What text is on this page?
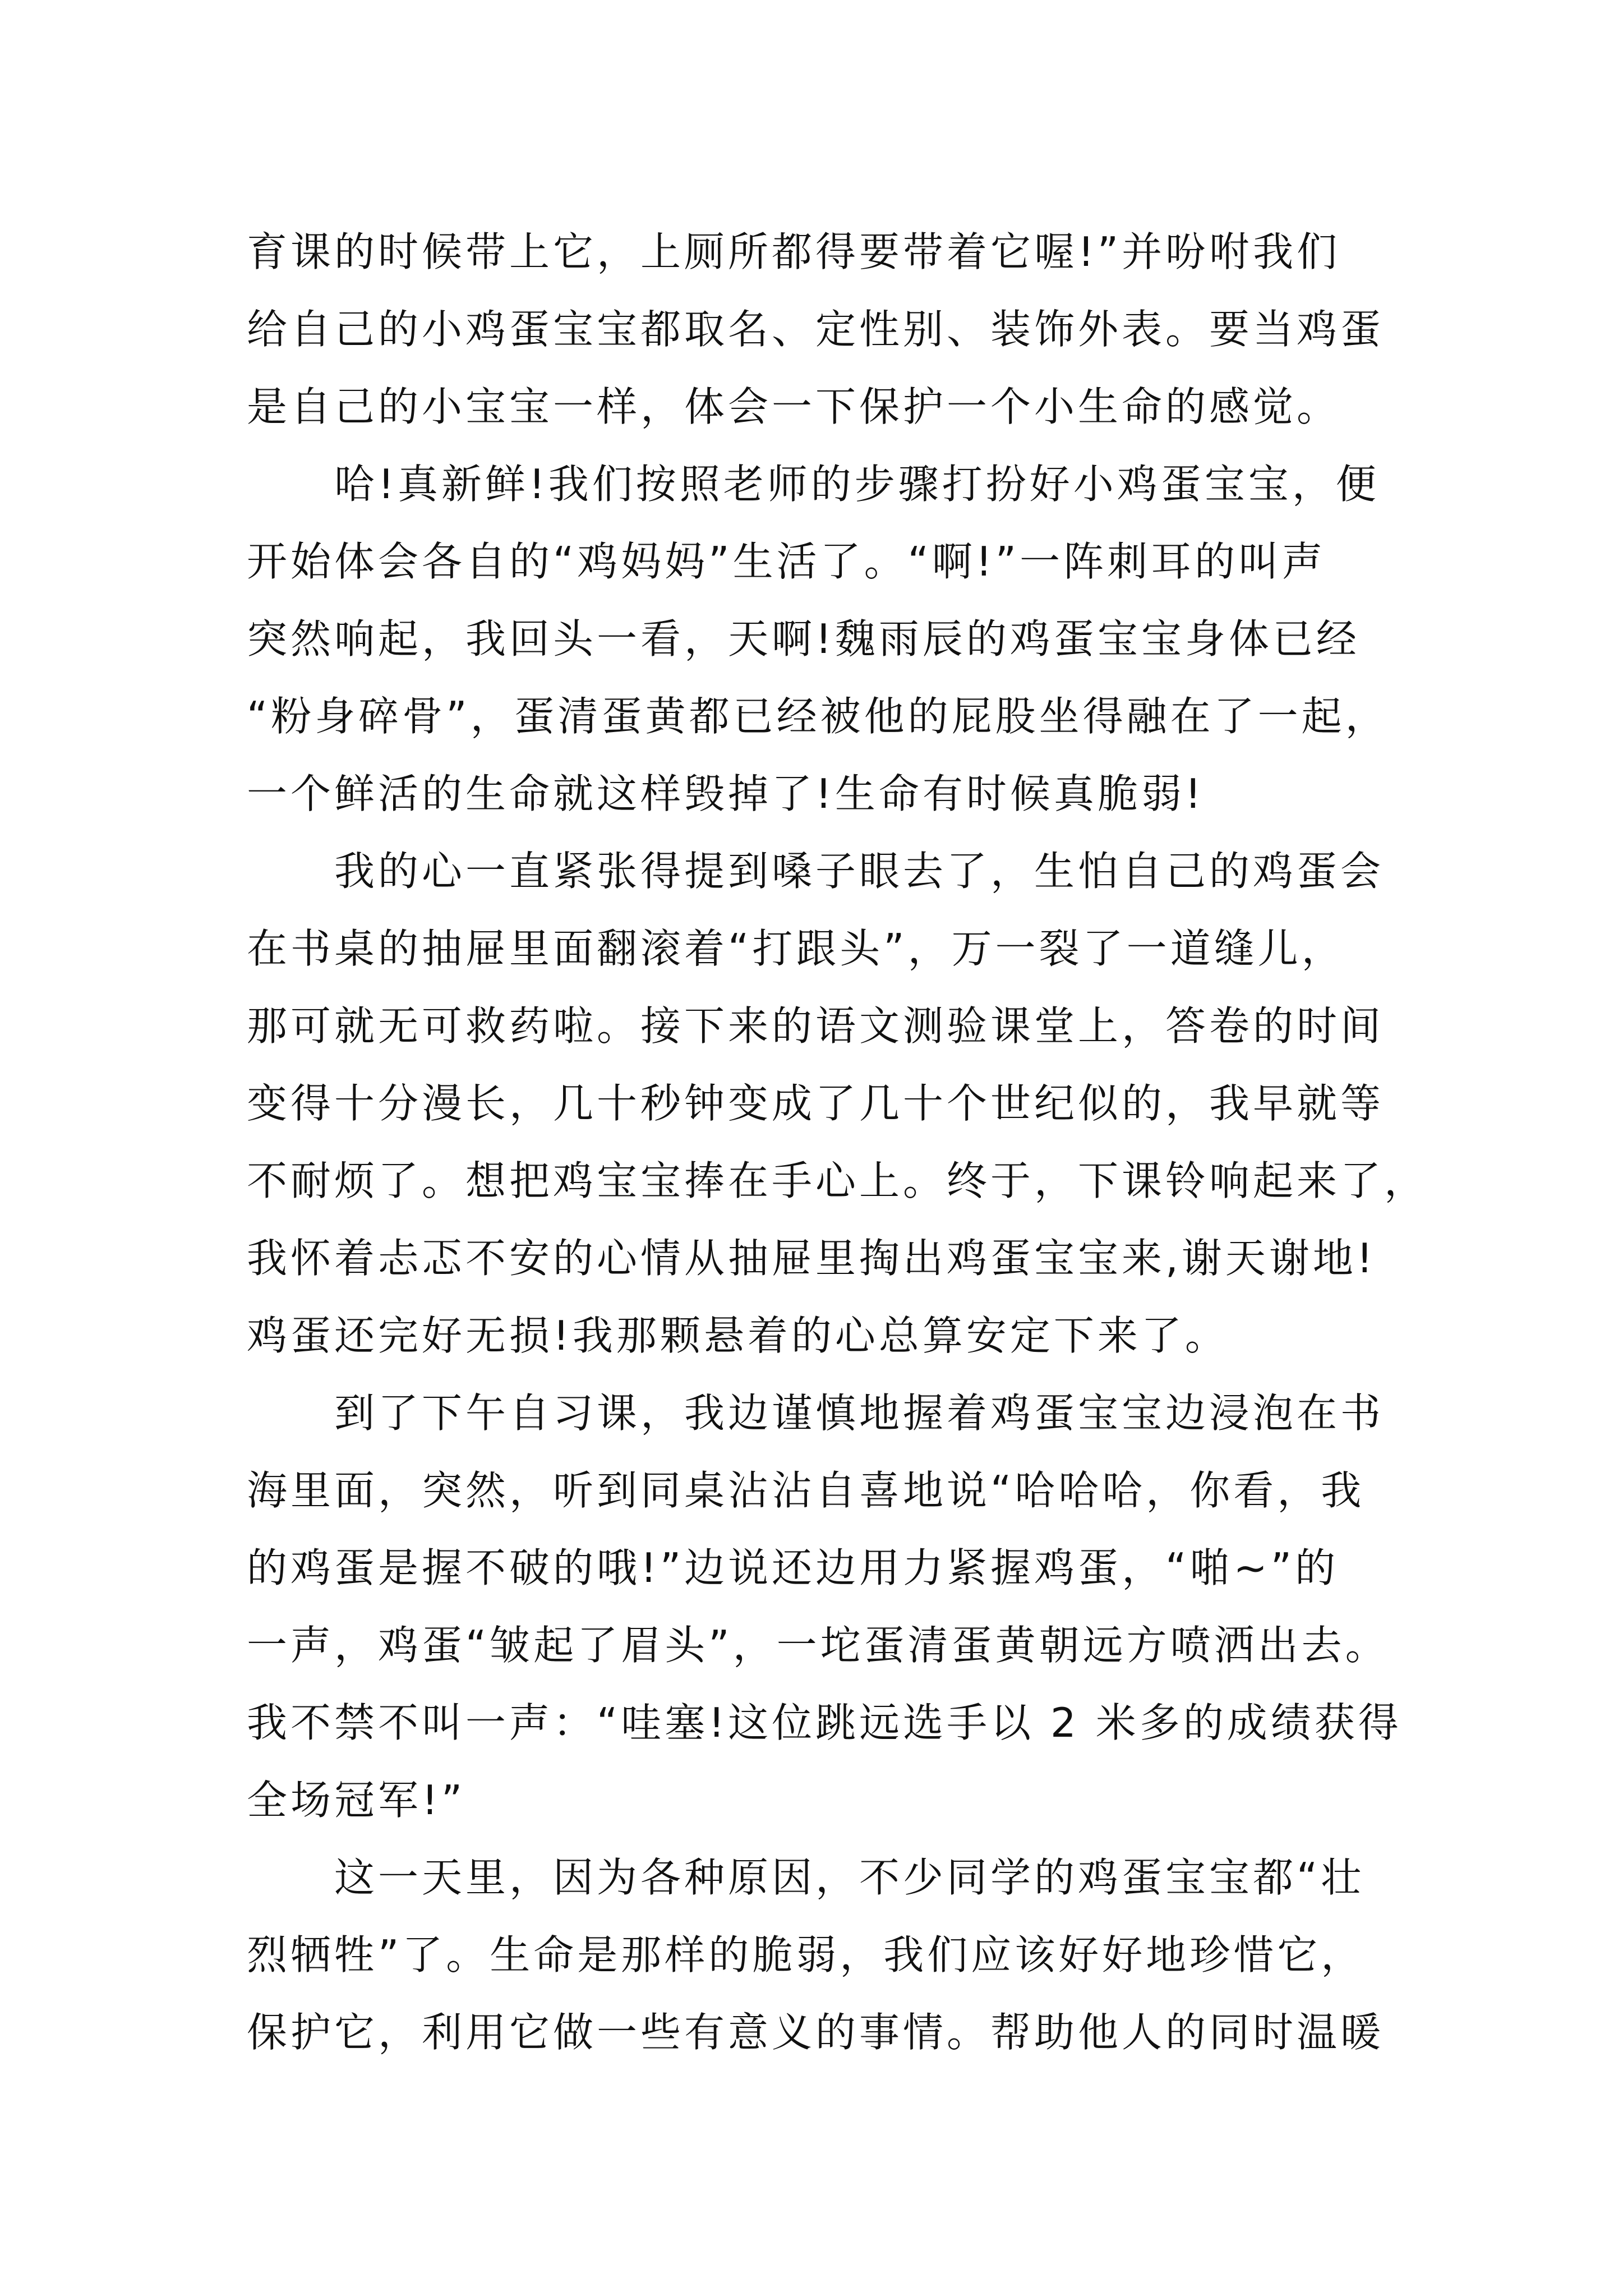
育课的时候带上它，上厕所都得要带着它喔!”并吩咐我们
给自己的小鸡蛋宝宝都取名、定性别、装饰外表。要当鸡蛋
是自己的小宝宝一样，体会一下保护一个小生命的感觉。

　　哈!真新鲜!我们按照老师的步骤打扮好小鸡蛋宝宝，便
开始体会各自的“鸡妈妈”生活了。“啊!”一阵刺耳的叫声
突然响起，我回头一看，天啊!魏雨辰的鸡蛋宝宝身体已经
“粉身碎骨”，蛋清蛋黄都已经被他的屁股坐得融在了一起，
一个鲜活的生命就这样毁掉了!生命有时候真脆弱!

　　我的心一直紧张得提到嗓子眼去了，生怕自己的鸡蛋会
在书桌的抽屉里面翻滚着“打跟头”，万一裂了一道缝儿，
那可就无可救药啦。接下来的语文测验课堂上，答卷的时间
变得十分漫长，几十秒钟变成了几十个世纪似的，我早就等
不耐烦了。想把鸡宝宝捧在手心上。终于，下课铃响起来了，
我怀着忐忑不安的心情从抽屉里掏出鸡蛋宝宝来,谢天谢地!
鸡蛋还完好无损!我那颗悬着的心总算安定下来了。

　　到了下午自习课，我边谨慎地握着鸡蛋宝宝边浸泡在书
海里面，突然，听到同桌沾沾自喜地说“哈哈哈，你看，我
的鸡蛋是握不破的哦!”边说还边用力紧握鸡蛋，“啪~”的
一声，鸡蛋“皱起了眉头”，一坨蛋清蛋黄朝远方喷洒出去。
我不禁不叫一声：“哇塞!这位跳远选手以 2 米多的成绩获得
全场冠军!”

　　这一天里，因为各种原因，不少同学的鸡蛋宝宝都“壮
烈牺牲”了。生命是那样的脆弱，我们应该好好地珍惜它，
保护它，利用它做一些有意义的事情。帮助他人的同时温暖
